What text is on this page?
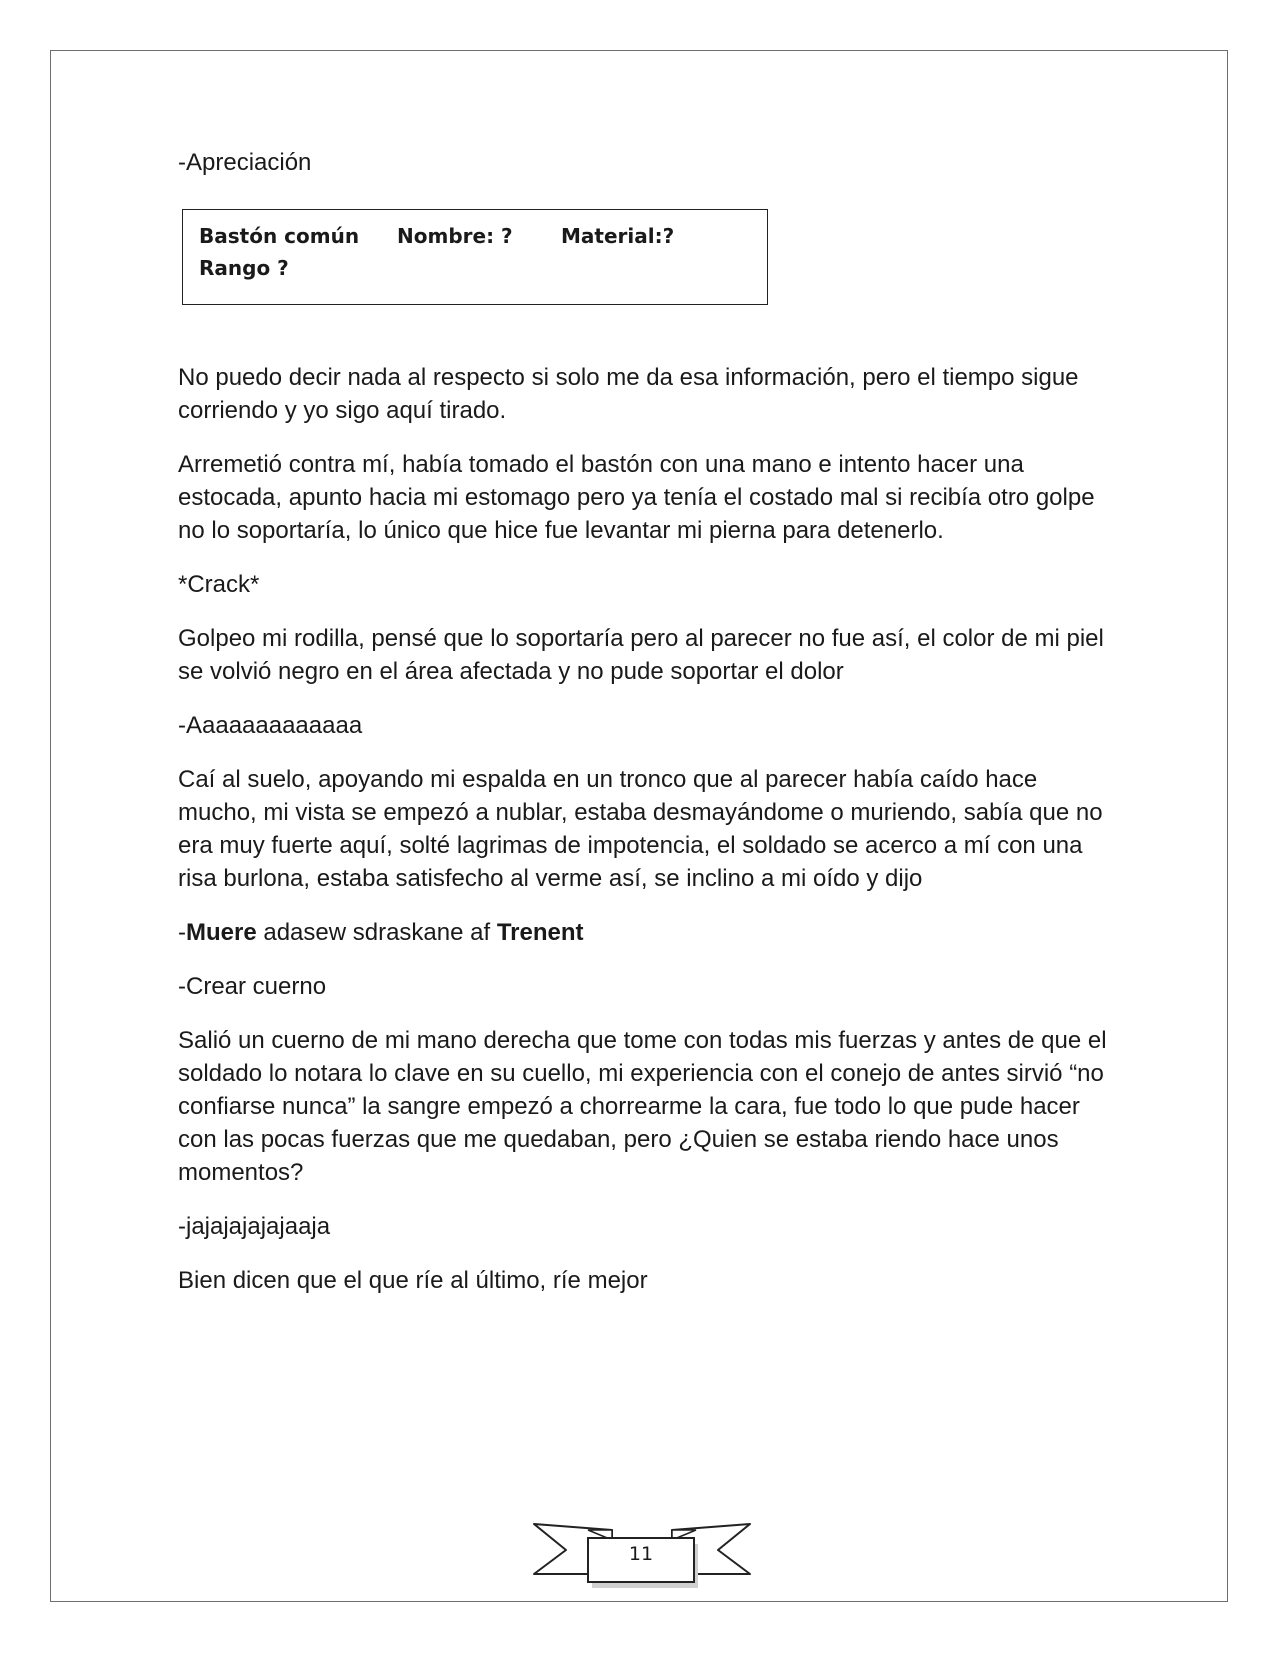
-Apreciación
Bastón común	Nombre: ?	Material:?
Rango ?

No puedo decir nada al respecto si solo me da esa información, pero el tiempo sigue corriendo y yo sigo aquí tirado.

Arremetió contra mí, había tomado el bastón con una mano e intento hacer una estocada, apunto hacia mi estomago pero ya tenía el costado mal si recibía otro golpe no lo soportaría, lo único que hice fue levantar mi pierna para detenerlo.

*Crack*

Golpeo mi rodilla, pensé que lo soportaría pero al parecer no fue así, el color de mi piel se volvió negro en el área afectada y no pude soportar el dolor

-Aaaaaaaaaaaaa

Caí al suelo, apoyando mi espalda en un tronco que al parecer había caído hace mucho, mi vista se empezó a nublar, estaba desmayándome o muriendo, sabía que no era muy fuerte aquí, solté lagrimas de impotencia, el soldado se acerco a mí con una risa burlona, estaba satisfecho al verme así, se inclino a mi oído y dijo

-Muere adasew sdraskane af Trenent

-Crear cuerno

Salió un cuerno de mi mano derecha que tome con todas mis fuerzas y antes de que el soldado lo notara lo clave en su cuello, mi experiencia con el conejo de antes sirvió “no confiarse nunca” la sangre empezó a chorrearme la cara, fue todo lo que pude hacer con las pocas fuerzas que me quedaban, pero ¿Quien se estaba riendo hace unos momentos?

-jajajajajajaaja

Bien dicen que el que ríe al último, ríe mejor

11
